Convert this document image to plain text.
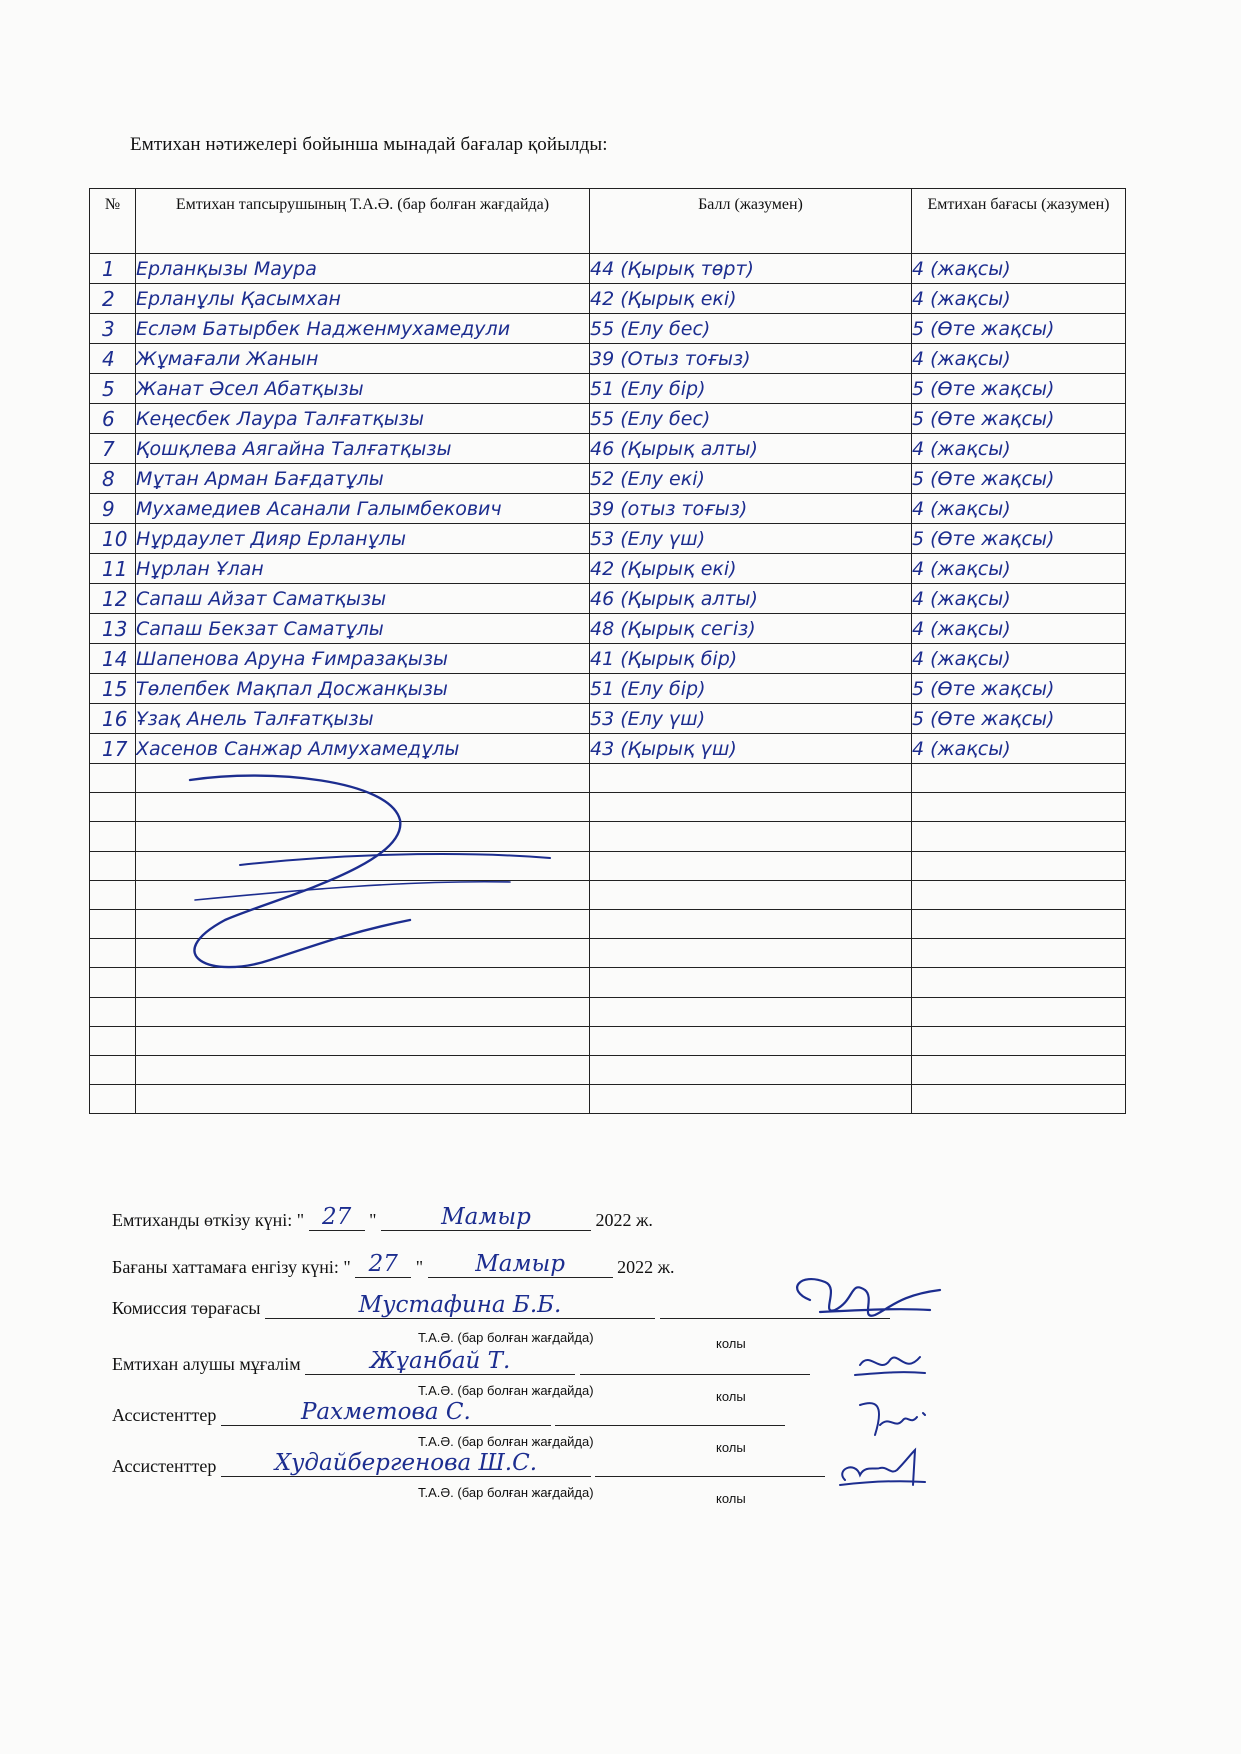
Емтихан нәтижелері бойынша мынадай бағалар қойылды:
№	Емтихан тапсырушының Т.А.Ә. (бар болған жағдайда)	Балл (жазумен)	Емтихан бағасы (жазумен)
1	Ерланқызы Маура	44 (Қырық төрт)	4 (жақсы)
2	Ерланұлы Қасымхан	42 (Қырық екі)	4 (жақсы)
3	Есләм Батырбек Надженмухамедули	55 (Елу бес)	5 (Өте жақсы)
4	Жұмағали Жанын	39 (Отыз тоғыз)	4 (жақсы)
5	Жанат Әсел Абатқызы	51 (Елу бір)	5 (Өте жақсы)
6	Кеңесбек Лаура Талғатқызы	55 (Елу бес)	5 (Өте жақсы)
7	Қошқлева Аягайна Талғатқызы	46 (Қырық алты)	4 (жақсы)
8	Мұтан Арман Бағдатұлы	52 (Елу екі)	5 (Өте жақсы)
9	Мухамедиев Асанали Галымбекович	39 (отыз тоғыз)	4 (жақсы)
10	Нұрдаулет Дияр Ерланұлы	53 (Елу үш)	5 (Өте жақсы)
11	Нұрлан Ұлан	42 (Қырық екі)	4 (жақсы)
12	Сапаш Айзат Саматқызы	46 (Қырық алты)	4 (жақсы)
13	Сапаш Бекзат Саматұлы	48 (Қырық сегіз)	4 (жақсы)
14	Шапенова Аруна Ғимразақызы	41 (Қырық бір)	4 (жақсы)
15	Төлепбек Мақпал Досжанқызы	51 (Елу бір)	5 (Өте жақсы)
16	Ұзақ Анель Талғатқызы	53 (Елу үш)	5 (Өте жақсы)
17	Хасенов Санжар Алмухамедұлы	43 (Қырық үш)	4 (жақсы)

Емтиханды өткізу күні: " 27 "	Мамыр	2022 ж.
Бағаны хаттамаға енгізу күні: " 27 " Мамыр	2022 ж.
Комиссия төрағасы	Мустафина Б.Б.
Т.А.Ә. (бар болған жағдайда)	колы
Емтихан алушы мұғалім	Жұанбай Т.
Т.А.Ә. (бар болған жағдайда)	колы
Ассистенттер	Рахметова С.
Т.А.Ә. (бар болған жағдайда)	колы
Ассистенттер	Худайбергенова Ш.С.
Т.А.Ә. (бар болған жағдайда)	колы
